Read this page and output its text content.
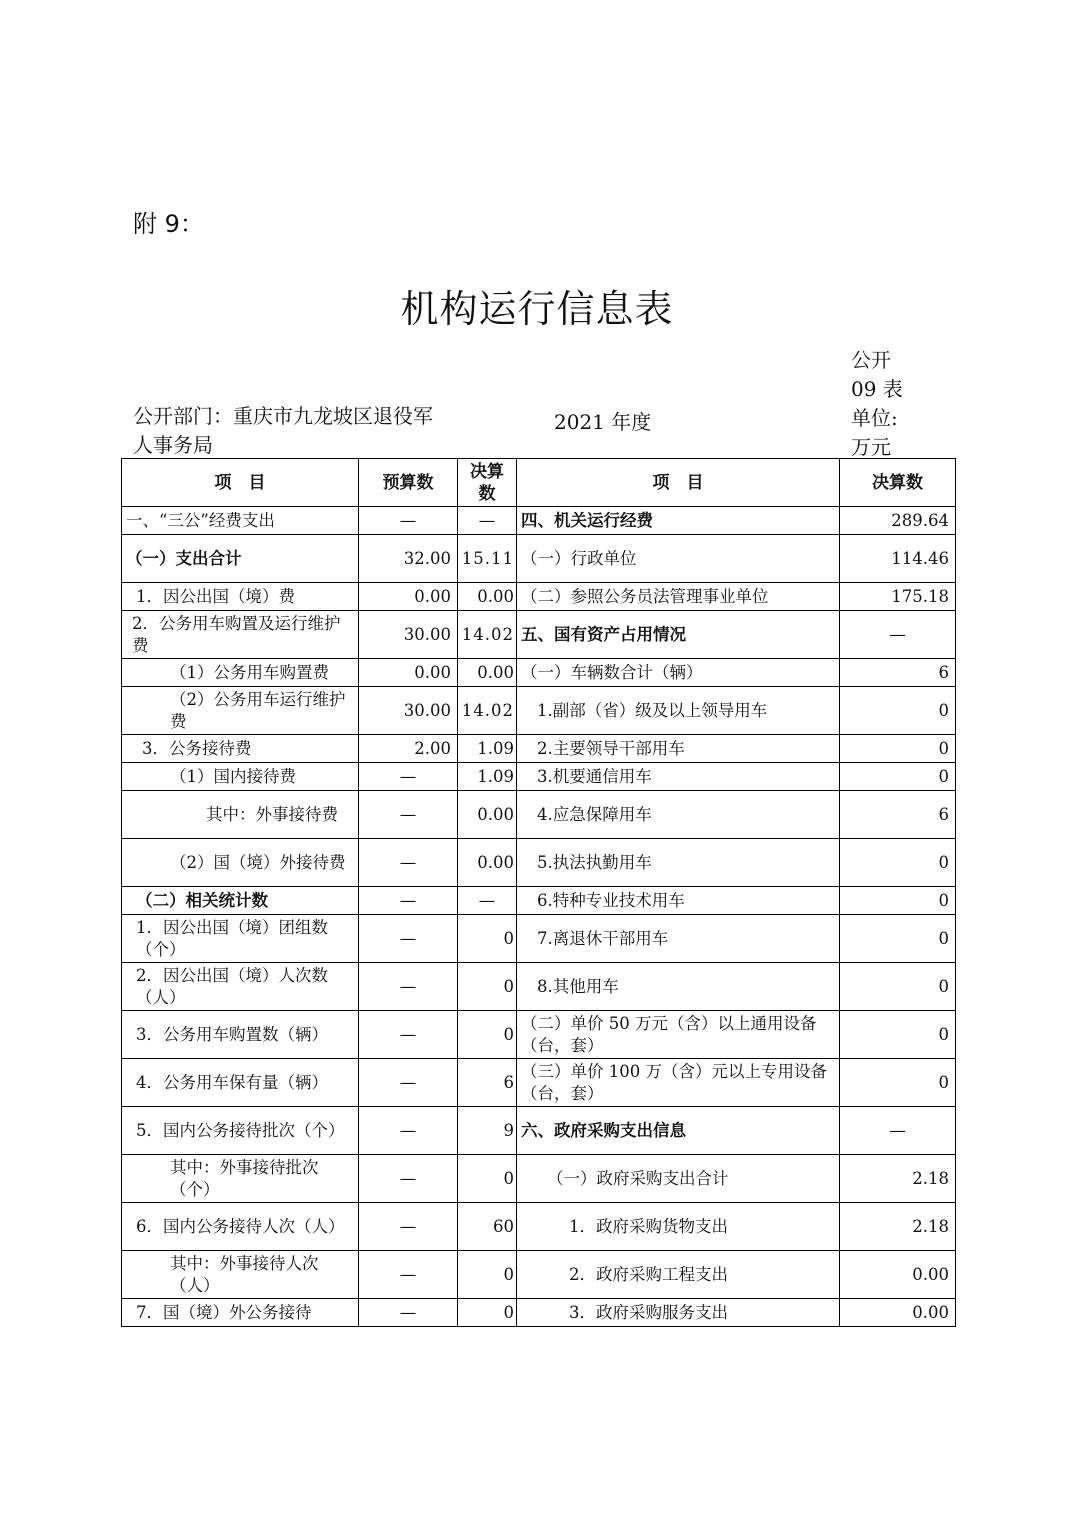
附 9：
机构运行信息表
公开部门：重庆市九龙坡区退役军人事务局
2021 年度
公开 09 表
单位:万元
项　目	预算数	决算数	项　目	决算数
一、“三公”经费支出	—	—	四、机关运行经费	289.64
（一）支出合计	32.00	15.11	（一）行政单位	114.46
1．因公出国（境）费	0.00	0.00	（二）参照公务员法管理事业单位	175.18
2．公务用车购置及运行维护费	30.00	14.02	五、国有资产占用情况	—
（1）公务用车购置费	0.00	0.00	（一）车辆数合计（辆）	6
（2）公务用车运行维护费	30.00	14.02	1.副部（省）级及以上领导用车	0
3．公务接待费	2.00	1.09	2.主要领导干部用车	0
（1）国内接待费	—	1.09	3.机要通信用车	0
其中：外事接待费	—	0.00	4.应急保障用车	6
（2）国（境）外接待费	—	0.00	5.执法执勤用车	0
（二）相关统计数	—	—	6.特种专业技术用车	0
1．因公出国（境）团组数（个）	—	0	7.离退休干部用车	0
2．因公出国（境）人次数（人）	—	0	8.其他用车	0
3．公务用车购置数（辆）	—	0	（二）单价 50 万元（含）以上通用设备（台，套）	0
4．公务用车保有量（辆）	—	6	（三）单价 100 万（含）元以上专用设备（台，套）	0
5．国内公务接待批次（个）	—	9	六、政府采购支出信息	—
其中：外事接待批次（个）	—	0	（一）政府采购支出合计	2.18
6．国内公务接待人次（人）	—	60	1．政府采购货物支出	2.18
其中：外事接待人次（人）	—	0	2．政府采购工程支出	0.00
7．国（境）外公务接待	—	0	3．政府采购服务支出	0.00
